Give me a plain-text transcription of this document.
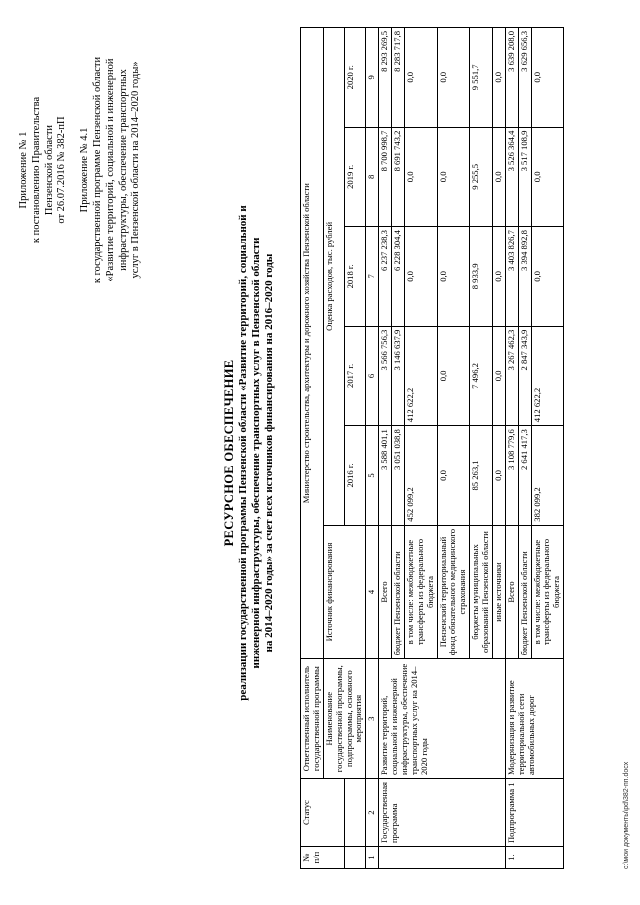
Приложение № 1 к постановлению Правительства Пензенской области от 26.07.2016 № 382-пП Приложение № 4.1 к государственной программе Пензенской области «Развитие территорий, социальной и инженерной инфраструктуры, обеспечение транспортных услуг в Пензенской области на 2014–2020 годы»
РЕСУРСНОЕ ОБЕСПЕЧЕНИЕ реализации государственной программы Пензенской области «Развитие территорий, социальной и инженерной инфраструктуры, обеспечение транспортных услуг в Пензенской области на 2014–2020 годы» за счет всех источников финансирования на 2016–2020 годы
№ п/п	Статус	Ответственный исполнитель государственной программы	Министерство строительства, архитектуры и дорожного хозяйства Пензенской области					
		Наименование государственной программы, подпрограммы, основного мероприятия	Источник финансирования	Оценка расходов, тыс. рублей				
				2016 г.	2017 г.	2018 г.	2019 г.	2020 г.
1	2	3	4	5	6	7	8	9
	Государственная программа	Развитие территорий, социальной и инженерной инфраструктуры, обеспечение транспортных услуг на 2014–2020 годы	Всего	3 588 401,1	3 566 756,3	6 237 238,3	8 700 998,7	8 293 269,5
			бюджет Пензенской области	3 051 038,8	3 146 637,9	6 228 304,4	8 691 743,2	8 283 717,8
			в том числе: межбюджетные трансферты из федерального бюджета	452 099,2	412 622,2	0,0	0,0	0,0
			Пензенский территориальный фонд обязательного медицинского страхования	0,0	0,0	0,0	0,0	0,0
			бюджеты муниципальных образований Пензенской области	85 263,1	7 496,2	8 933,9	9 255,5	9 551,7
			иные источники	0,0	0,0	0,0	0,0	0,0
1.	Подпрограмма 1	Модернизация и развитие территориальной сети автомобильных дорог	Всего	3 108 779,6	3 267 462,3	3 403 826,7	3 526 364,4	3 639 208,0
			бюджет Пензенской области	2 641 417,3	2 847 343,9	3 394 892,8	3 517 108,9	3 629 656,3
			в том числе: межбюджетные трансферты из федерального бюджета	382 099,2	412 622,2	0,0	0,0	0,0
c:\мои документы\pd\382-пп.docx
